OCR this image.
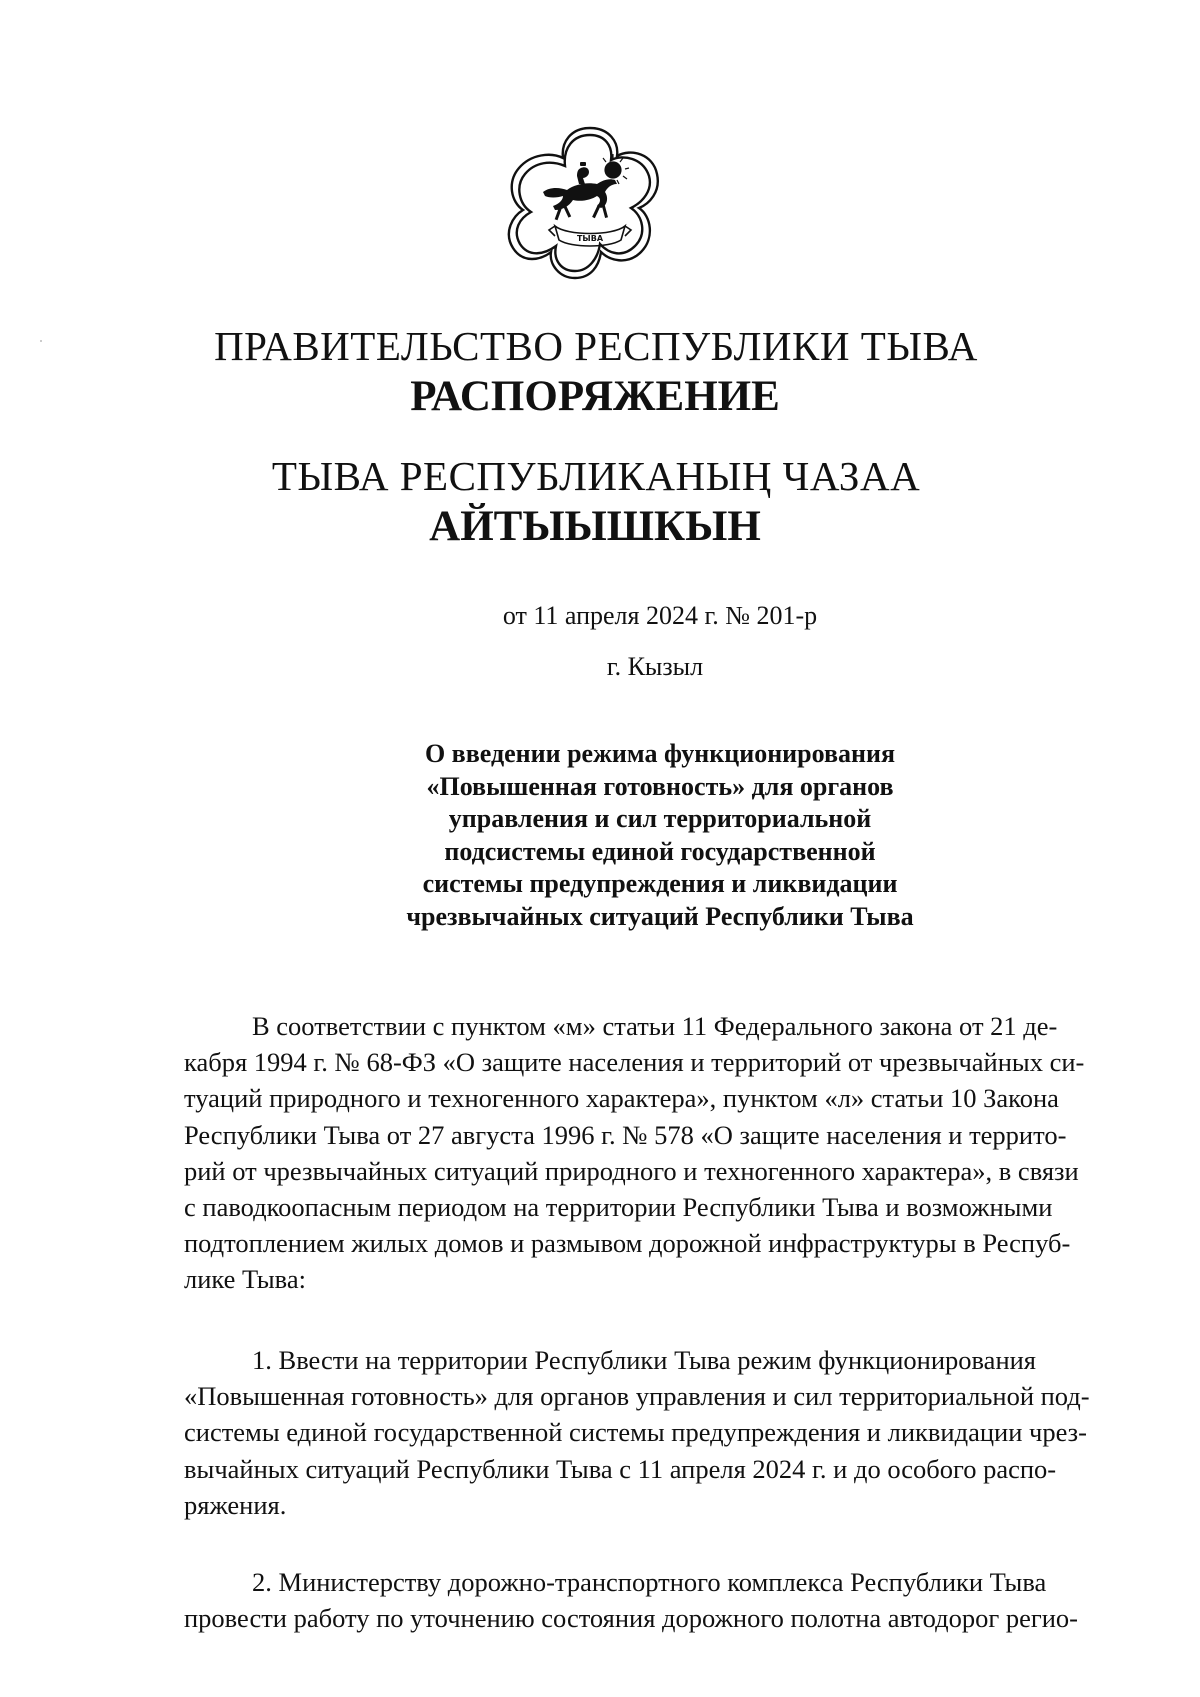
ТЫВА
ПРАВИТЕЛЬСТВО РЕСПУБЛИКИ ТЫВА
РАСПОРЯЖЕНИЕ
ТЫВА РЕСПУБЛИКАНЫҢ ЧАЗАА
АЙТЫЫШКЫН
от 11 апреля 2024 г. № 201-р
г. Кызыл
О введении режима функционирования
«Повышенная готовность» для органов
управления и сил территориальной
подсистемы единой государственной
системы предупреждения и ликвидации
чрезвычайных ситуаций Республики Тыва
В соответствии с пунктом «м» статьи 11 Федерального закона от 21 де-
кабря 1994 г. № 68-ФЗ «О защите населения и территорий от чрезвычайных си-
туаций природного и техногенного характера», пунктом «л» статьи 10 Закона
Республики Тыва от 27 августа 1996 г. № 578 «О защите населения и террито-
рий от чрезвычайных ситуаций природного и техногенного характера», в связи
с паводкоопасным периодом на территории Республики Тыва и возможными
подтоплением жилых домов и размывом дорожной инфраструктуры в Респуб-
лике Тыва:
1. Ввести на территории Республики Тыва режим функционирования
«Повышенная готовность» для органов управления и сил территориальной под-
системы единой государственной системы предупреждения и ликвидации чрез-
вычайных ситуаций Республики Тыва с 11 апреля 2024 г. и до особого распо-
ряжения.
2. Министерству дорожно-транспортного комплекса Республики Тыва
провести работу по уточнению состояния дорожного полотна автодорог регио-
